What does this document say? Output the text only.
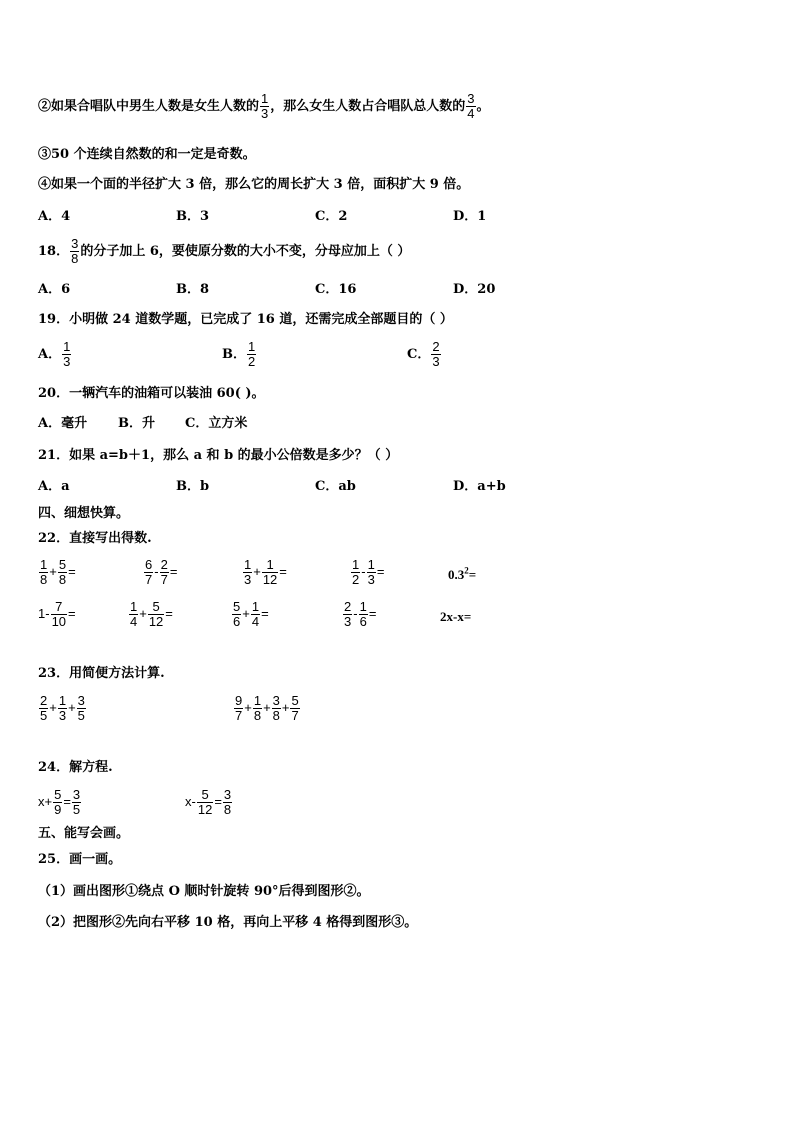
②如果合唱队中男生人数是女生人数的 $\frac{1}{3}$ ，那么女生人数占合唱队总人数的 $\frac{3}{4}$ 。
③50 个连续自然数的和一定是奇数。
④如果一个面的半径扩大 3 倍，那么它的周长扩大 3 倍，面积扩大 9 倍。
A．4	B．3	C．2	D．1
18． $\frac{3}{8}$ 的分子加上 6，要使原分数的大小不变，分母应加上（ ）
A．6	B．8	C．16	D．20
19．小明做 24 道数学题，已完成了 16 道，还需完成全部题目的（ ）
A． $\frac{1}{3}$	B． $\frac{1}{2}$	C． $\frac{2}{3}$
20．一辆汽车的油箱可以装油 60( )。
A．毫升 B．升 C．立方米
21．如果 a=b＋1，那么 a 和 b 的最小公倍数是多少？（ ）
A．a	B．b	C．ab	D．a+b
四、细想快算。
22．直接写出得数.
$\frac{1}{8} + \frac{5}{8}$ =	$\frac{6}{7} - \frac{2}{7}$ =	$\frac{1}{3} + \frac{1}{12}$ =	$\frac{1}{2} - \frac{1}{3}$ =	$0.3^2=$
$1- \frac{7}{10}$ =	$\frac{1}{4} + \frac{5}{12}$ =	$\frac{5}{6} + \frac{1}{4}$ =	$\frac{2}{3} - \frac{1}{6}$ =	2x-x=
23．用简便方法计算.
$\frac{2}{5} + \frac{1}{3} + \frac{3}{5}$	$\frac{9}{7} + \frac{1}{8} + \frac{3}{8} + \frac{5}{7}$
24．解方程.
$x+ \frac{5}{9} = \frac{3}{5}$	$x- \frac{5}{12} = \frac{3}{8}$
五、能写会画。
25．画一画。
（1）画出图形①绕点 O 顺时针旋转 90°后得到图形②。
（2）把图形②先向右平移 10 格，再向上平移 4 格得到图形③。
